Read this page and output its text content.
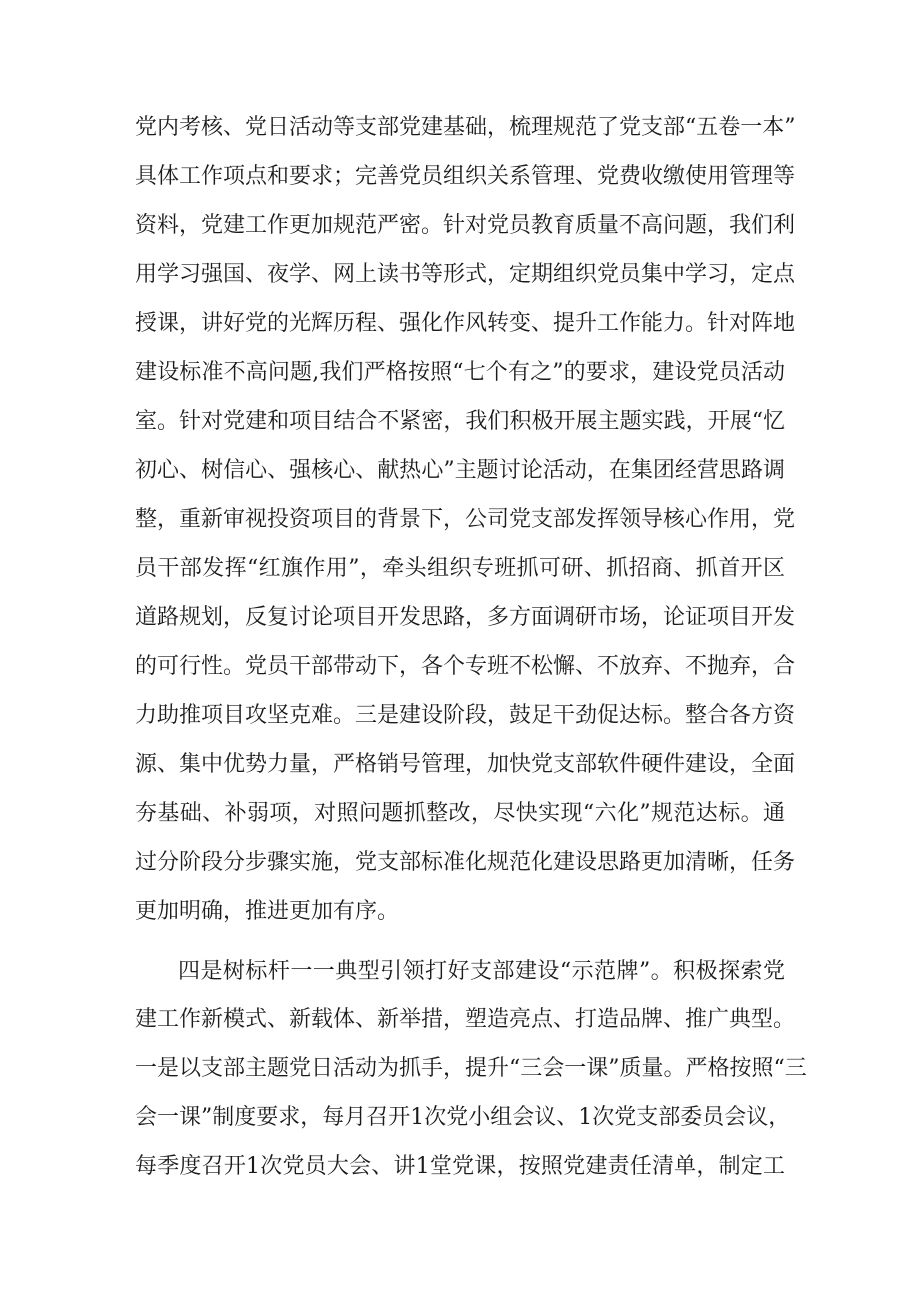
党内考核、党日活动等支部党建基础，梳理规范了党支部“五卷一本”
具体工作项点和要求；完善党员组织关系管理、党费收缴使用管理等
资料，党建工作更加规范严密。针对党员教育质量不高问题，我们利
用学习强国、夜学、网上读书等形式，定期组织党员集中学习，定点
授课，讲好党的光辉历程、强化作风转变、提升工作能力。针对阵地
建设标准不高问题,我们严格按照“七个有之”的要求，建设党员活动
室。针对党建和项目结合不紧密，我们积极开展主题实践，开展“忆
初心、树信心、强核心、献热心”主题讨论活动，在集团经营思路调
整，重新审视投资项目的背景下，公司党支部发挥领导核心作用，党
员干部发挥“红旗作用”，牵头组织专班抓可研、抓招商、抓首开区
道路规划，反复讨论项目开发思路，多方面调研市场，论证项目开发
的可行性。党员干部带动下，各个专班不松懈、不放弃、不抛弃，合
力助推项目攻坚克难。三是建设阶段，鼓足干劲促达标。整合各方资
源、集中优势力量，严格销号管理，加快党支部软件硬件建设，全面
夯基础、补弱项，对照问题抓整改，尽快实现“六化”规范达标。通
过分阶段分步骤实施，党支部标准化规范化建设思路更加清晰，任务
更加明确，推进更加有序。
四是树标杆一一典型引领打好支部建设“示范牌”。积极探索党
建工作新模式、新载体、新举措，塑造亮点、打造品牌、推广典型。
一是以支部主题党日活动为抓手，提升“三会一课”质量。严格按照“三
会一课”制度要求，每月召开1次党小组会议、1次党支部委员会议，
每季度召开1次党员大会、讲1堂党课，按照党建责任清单，制定工
